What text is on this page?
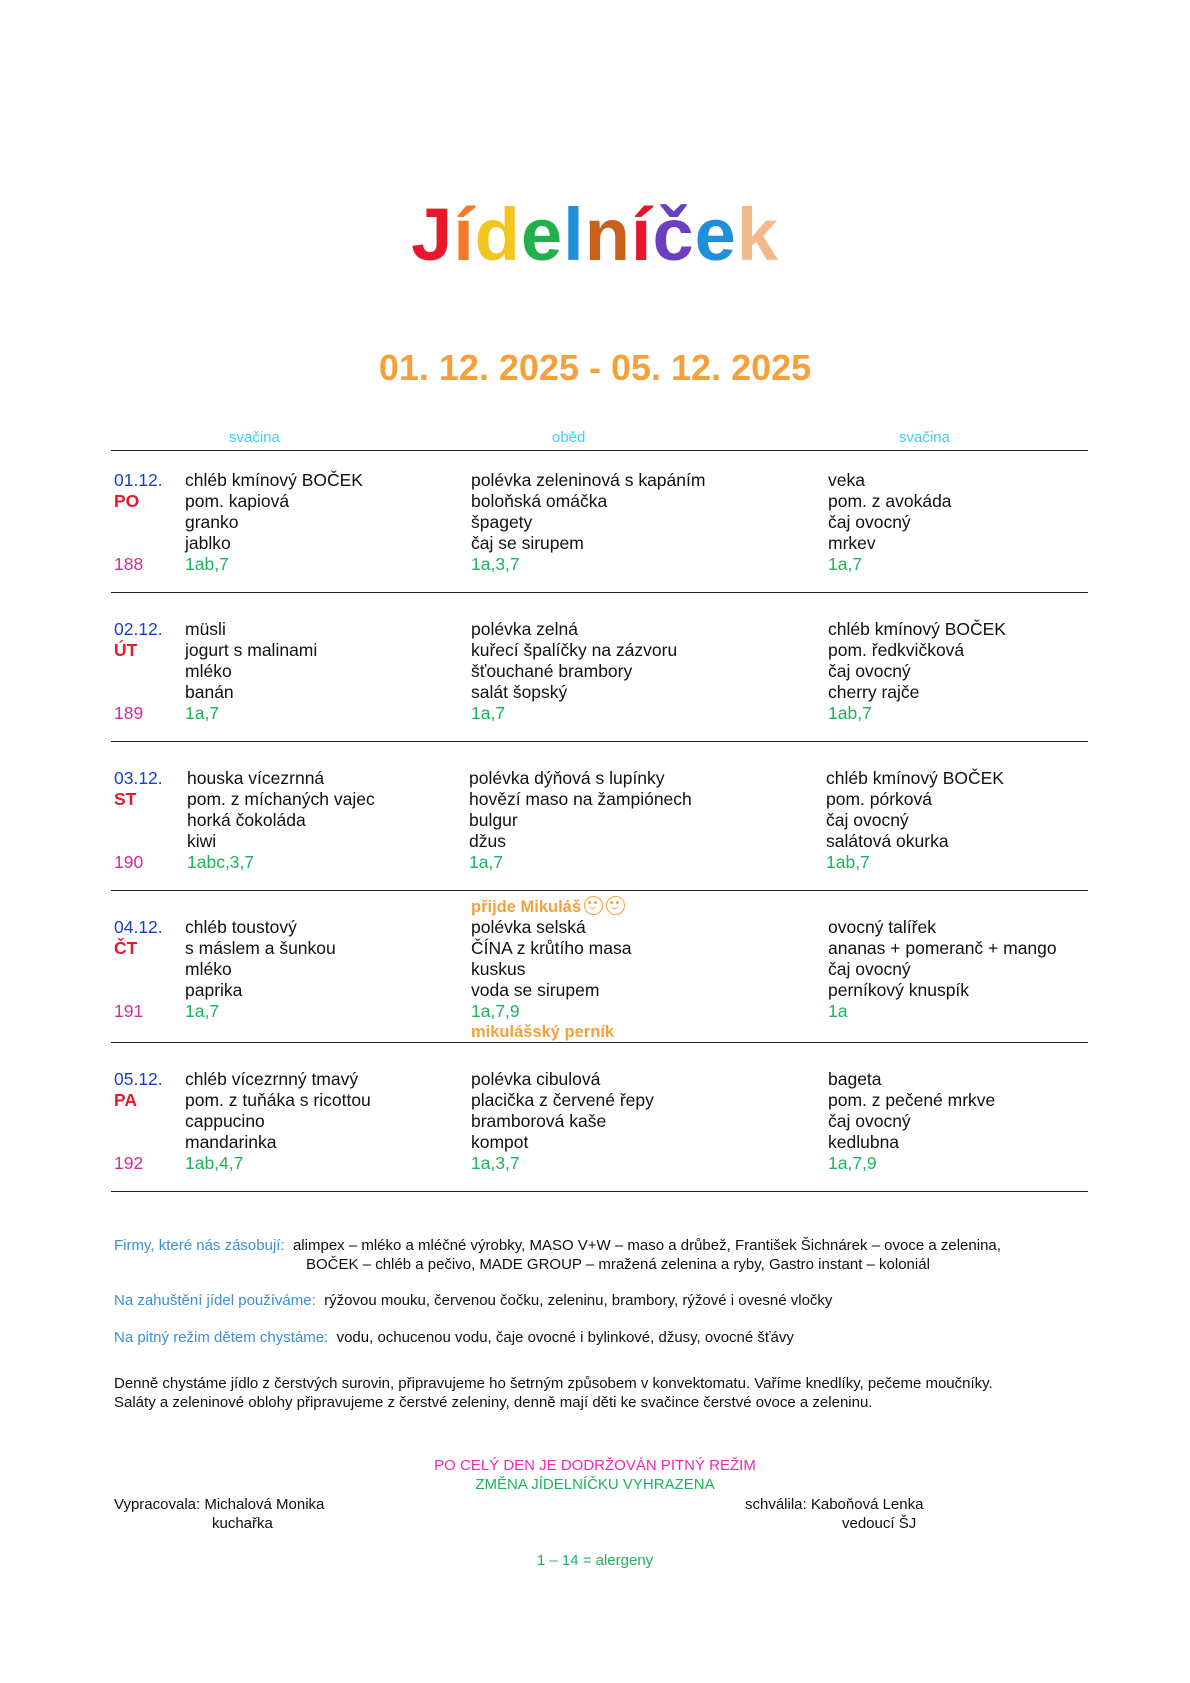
Jídelníček
01. 12. 2025 - 05. 12. 2025
svačina	oběd	svačina
01.12.
PO
188
chléb kmínový BOČEK
pom. kapiová
granko
jablko
1ab,7
polévka zeleninová s kapáním
boloňská omáčka
špagety
čaj se sirupem
1a,3,7
veka
pom. z avokáda
čaj ovocný
mrkev
1a,7
02.12.
ÚT
189
müsli
jogurt s malinami
mléko
banán
1a,7
polévka zelná
kuřecí špalíčky na zázvoru
šťouchané brambory
salát šopský
1a,7
chléb kmínový BOČEK
pom. ředkvičková
čaj ovocný
cherry rajče
1ab,7
03.12.
ST
190
houska vícezrnná
pom. z míchaných vajec
horká čokoláda
kiwi
1abc,3,7
polévka dýňová s lupínky
hovězí maso na žampiónech
bulgur
džus
1a,7
chléb kmínový BOČEK
pom. pórková
čaj ovocný
salátová okurka
1ab,7
04.12.
ČT
191
chléb toustový
s máslem a šunkou
mléko
paprika
1a,7
polévka selská
ČÍNA z krůtího masa
kuskus
voda se sirupem
1a,7,9
ovocný talířek
ananas + pomeranč + mango
čaj ovocný
perníkový knuspík
1a
přijde Mikuláš
mikulášský perník
05.12.
PA
192
chléb vícezrnný tmavý
pom. z tuňáka s ricottou
cappucino
mandarinka
1ab,4,7
polévka cibulová
placička z červené řepy
bramborová kaše
kompot
1a,3,7
bageta
pom. z pečené mrkve
čaj ovocný
kedlubna
1a,7,9
Firmy, které nás zásobují: alimpex – mléko a mléčné výrobky, MASO V+W – maso a drůbež, František Šichnárek – ovoce a zelenina,
BOČEK – chléb a pečivo, MADE GROUP – mražená zelenina a ryby, Gastro instant – koloniál
Na zahuštění jídel používáme: rýžovou mouku, červenou čočku, zeleninu, brambory, rýžové i ovesné vločky
Na pitný režim dětem chystáme: vodu, ochucenou vodu, čaje ovocné i bylinkové, džusy, ovocné šťávy
Denně chystáme jídlo z čerstvých surovin, připravujeme ho šetrným způsobem v konvektomatu. Vaříme knedlíky, pečeme moučníky.
Saláty a zeleninové oblohy připravujeme z čerstvé zeleniny, denně mají děti ke svačince čerstvé ovoce a zeleninu.
PO CELÝ DEN JE DODRŽOVÁN PITNÝ REŽIM
ZMĚNA JÍDELNÍČKU VYHRAZENA
Vypracovala: Michalová Monika
kuchařka
schválila: Kaboňová Lenka
vedoucí ŠJ
1 – 14 = alergeny
